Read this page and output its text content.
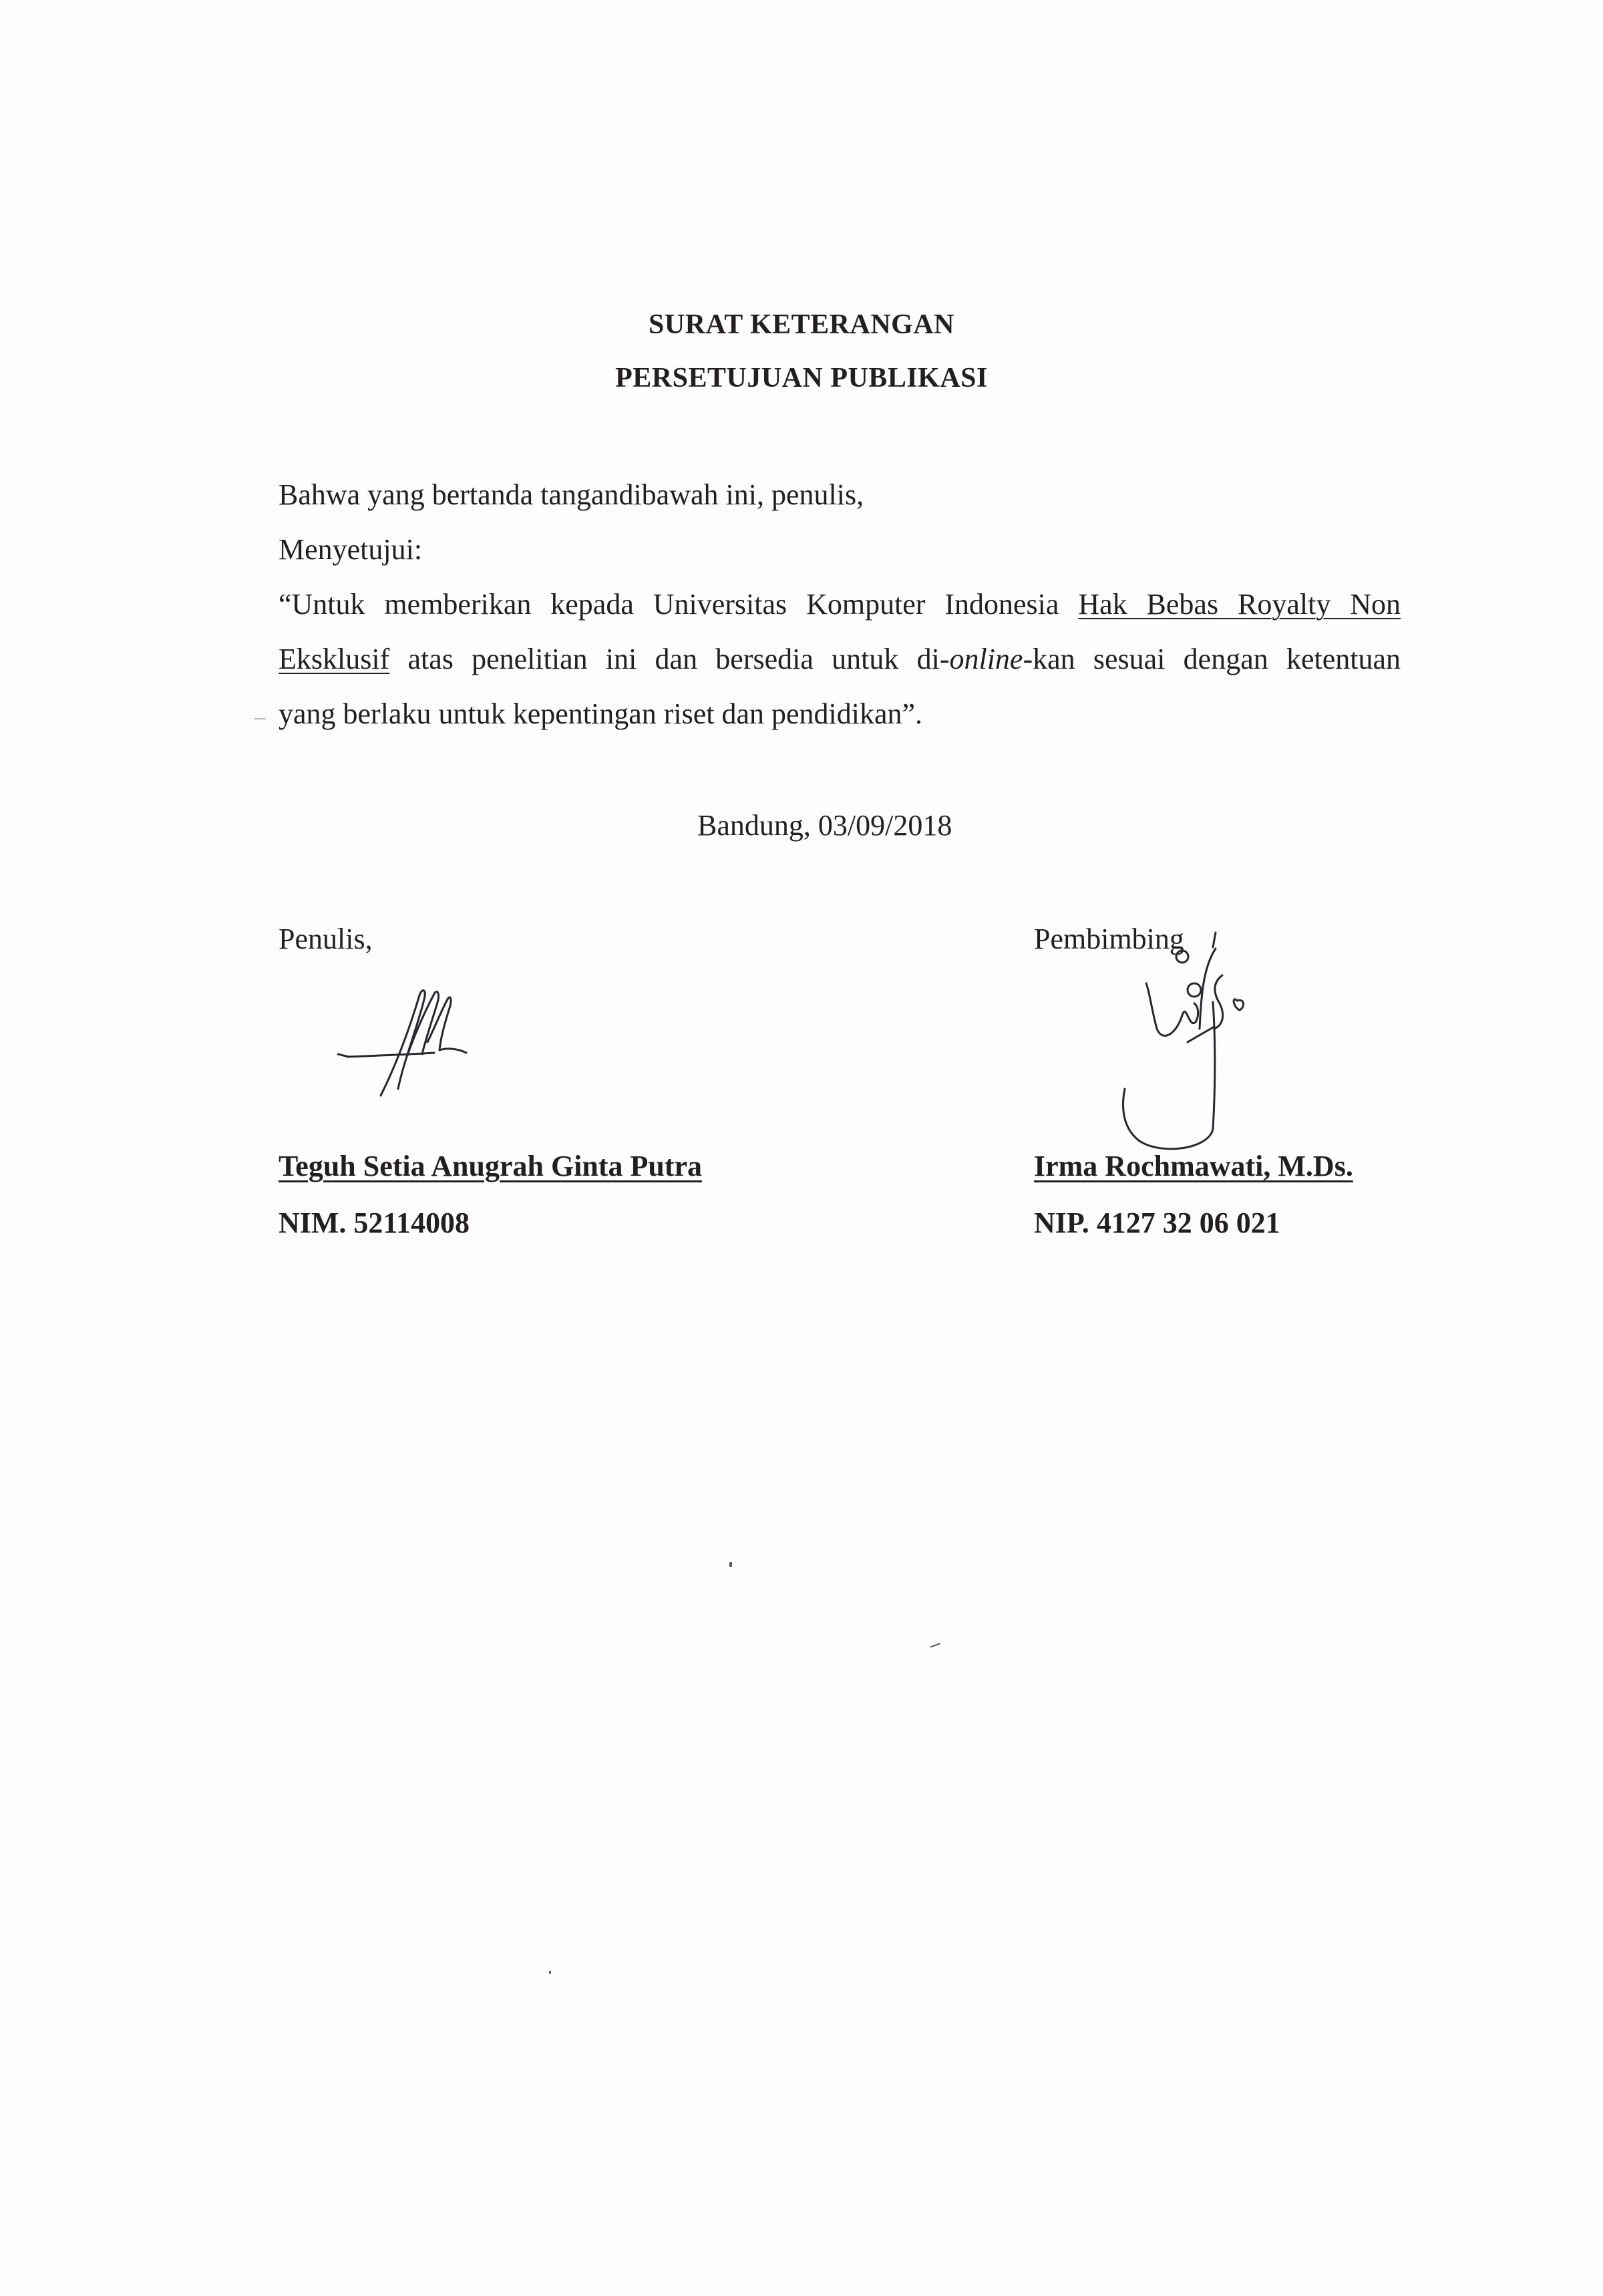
SURAT KETERANGAN
PERSETUJUAN PUBLIKASI
Bahwa yang bertanda tangandibawah ini, penulis,
Menyetujui:
“Untuk memberikan kepada Universitas Komputer Indonesia Hak Bebas Royalty Non
Eksklusif atas penelitian ini dan bersedia untuk di-online-kan sesuai dengan ketentuan
yang berlaku untuk kepentingan riset dan pendidikan”.
Bandung, 03/09/2018
Penulis,	Pembimbing
Teguh Setia Anugrah Ginta Putra	Irma Rochmawati, M.Ds.
NIM. 52114008	NIP. 4127 32 06 021
